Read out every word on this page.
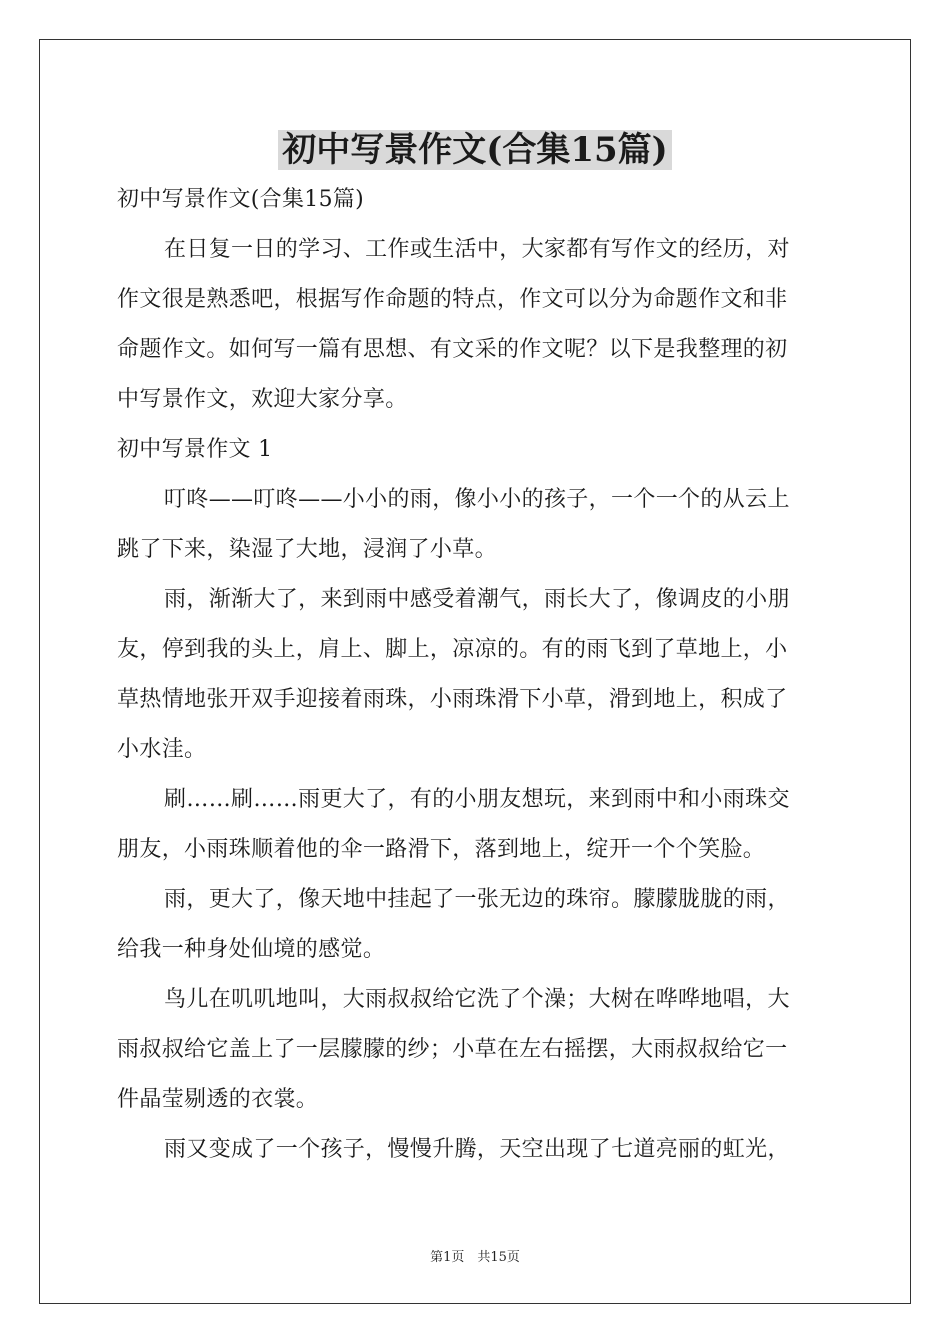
初中写景作文(合集15篇)

初中写景作文(合集15篇)

在日复一日的学习、工作或生活中，大家都有写作文的经历，对

作文很是熟悉吧，根据写作命题的特点，作文可以分为命题作文和非

命题作文。如何写一篇有思想、有文采的作文呢？以下是我整理的初

中写景作文，欢迎大家分享。

初中写景作文 1

叮咚——叮咚——小小的雨，像小小的孩子，一个一个的从云上

跳了下来，染湿了大地，浸润了小草。

雨，渐渐大了，来到雨中感受着潮气，雨长大了，像调皮的小朋

友，停到我的头上，肩上、脚上，凉凉的。有的雨飞到了草地上，小

草热情地张开双手迎接着雨珠，小雨珠滑下小草，滑到地上，积成了

小水洼。

刷……刷……雨更大了，有的小朋友想玩，来到雨中和小雨珠交

朋友，小雨珠顺着他的伞一路滑下，落到地上，绽开一个个笑脸。

雨，更大了，像天地中挂起了一张无边的珠帘。朦朦胧胧的雨，

给我一种身处仙境的感觉。

鸟儿在叽叽地叫，大雨叔叔给它洗了个澡；大树在哗哗地唱，大

雨叔叔给它盖上了一层朦朦的纱；小草在左右摇摆，大雨叔叔给它一

件晶莹剔透的衣裳。

雨又变成了一个孩子，慢慢升腾，天空出现了七道亮丽的虹光，

第1页　共15页
